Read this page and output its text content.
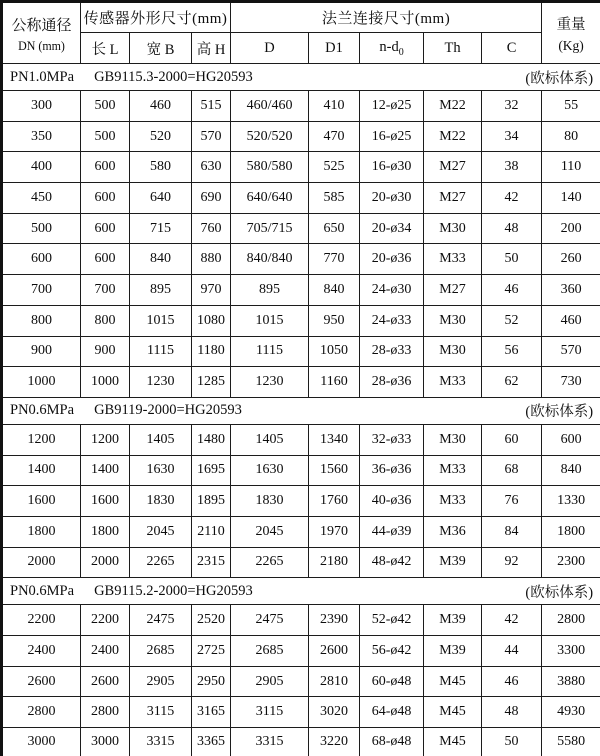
公称通径
DN (mm)	传感器外形尺寸(mm)			法兰连接尺寸(mm)					重量
(Kg)

	长 L	宽 B	高 H	D	D1	$n-d_0$	Th	C	

PN1.0MPa GB9115.3-2000=HG20593 (欧标体系)									

300	500	460	515	460/460	410	12-ø25	M22	32	55
350	500	520	570	520/520	470	16-ø25	M22	34	80
400	600	580	630	580/580	525	16-ø30	M27	38	110
450	600	640	690	640/640	585	20-ø30	M27	42	140
500	600	715	760	705/715	650	20-ø34	M30	48	200
600	600	840	880	840/840	770	20-ø36	M33	50	260
700	700	895	970	895	840	24-ø30	M27	46	360
800	800	1015	1080	1015	950	24-ø33	M30	52	460
900	900	1115	1180	1115	1050	28-ø33	M30	56	570
1000	1000	1230	1285	1230	1160	28-ø36	M33	62	730

PN0.6MPa GB9119-2000=HG20593 (欧标体系)									

1200	1200	1405	1480	1405	1340	32-ø33	M30	60	600
1400	1400	1630	1695	1630	1560	36-ø36	M33	68	840
1600	1600	1830	1895	1830	1760	40-ø36	M33	76	1330
1800	1800	2045	2110	2045	1970	44-ø39	M36	84	1800
2000	2000	2265	2315	2265	2180	48-ø42	M39	92	2300

PN0.6MPa GB9115.2-2000=HG20593 (欧标体系)									

2200	2200	2475	2520	2475	2390	52-ø42	M39	42	2800
2400	2400	2685	2725	2685	2600	56-ø42	M39	44	3300
2600	2600	2905	2950	2905	2810	60-ø48	M45	46	3880
2800	2800	3115	3165	3115	3020	64-ø48	M45	48	4930
3000	3000	3315	3365	3315	3220	68-ø48	M45	50	5580
